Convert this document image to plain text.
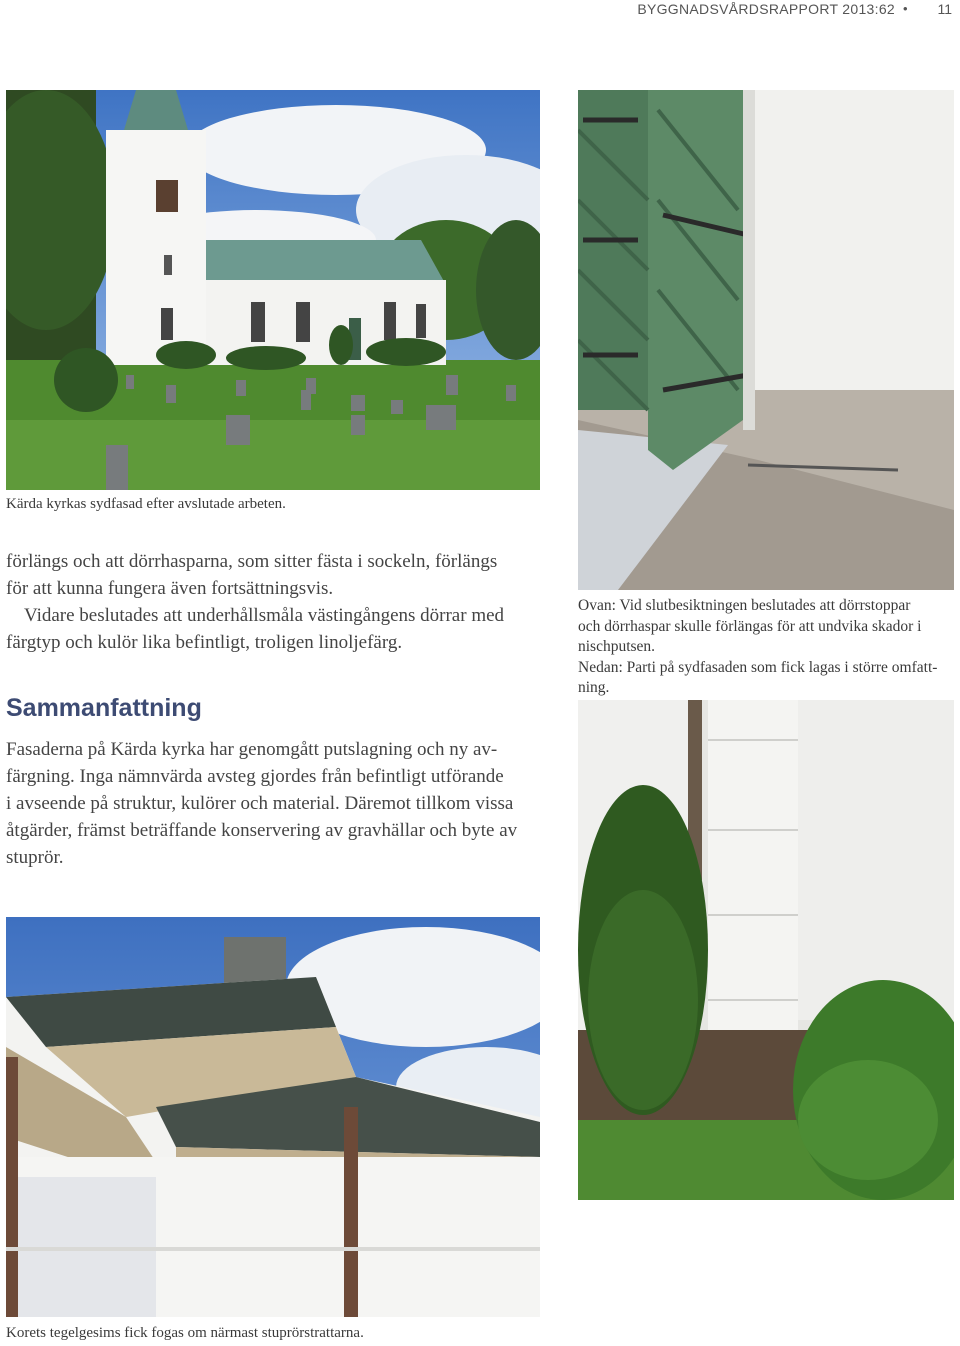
BYGGNADSVÅRDSRAPPORT 2013:62 •	11
Kärda kyrkas sydfasad efter avslutade arbeten.
förlängs och att dörrhasparna, som sitter fästa i sockeln, förlängs
för att kunna fungera även fortsättningsvis.
Vidare beslutades att underhållsmåla västingångens dörrar med
färgtyp och kulör lika befintligt, troligen linoljefärg.
Sammanfattning
Fasaderna på Kärda kyrka har genomgått putslagning och ny av-
färgning. Inga nämnvärda avsteg gjordes från befintligt utförande
i avseende på struktur, kulörer och material. Däremot tillkom vissa
åtgärder, främst beträffande konservering av gravhällar och byte av
stuprör.
Ovan: Vid slutbesiktningen beslutades att dörrstoppar
och dörrhaspar skulle förlängas för att undvika skador i
nischputsen.
Nedan: Parti på sydfasaden som fick lagas i större omfatt-
ning.
Korets tegelgesims fick fogas om närmast stuprörstrattarna.
